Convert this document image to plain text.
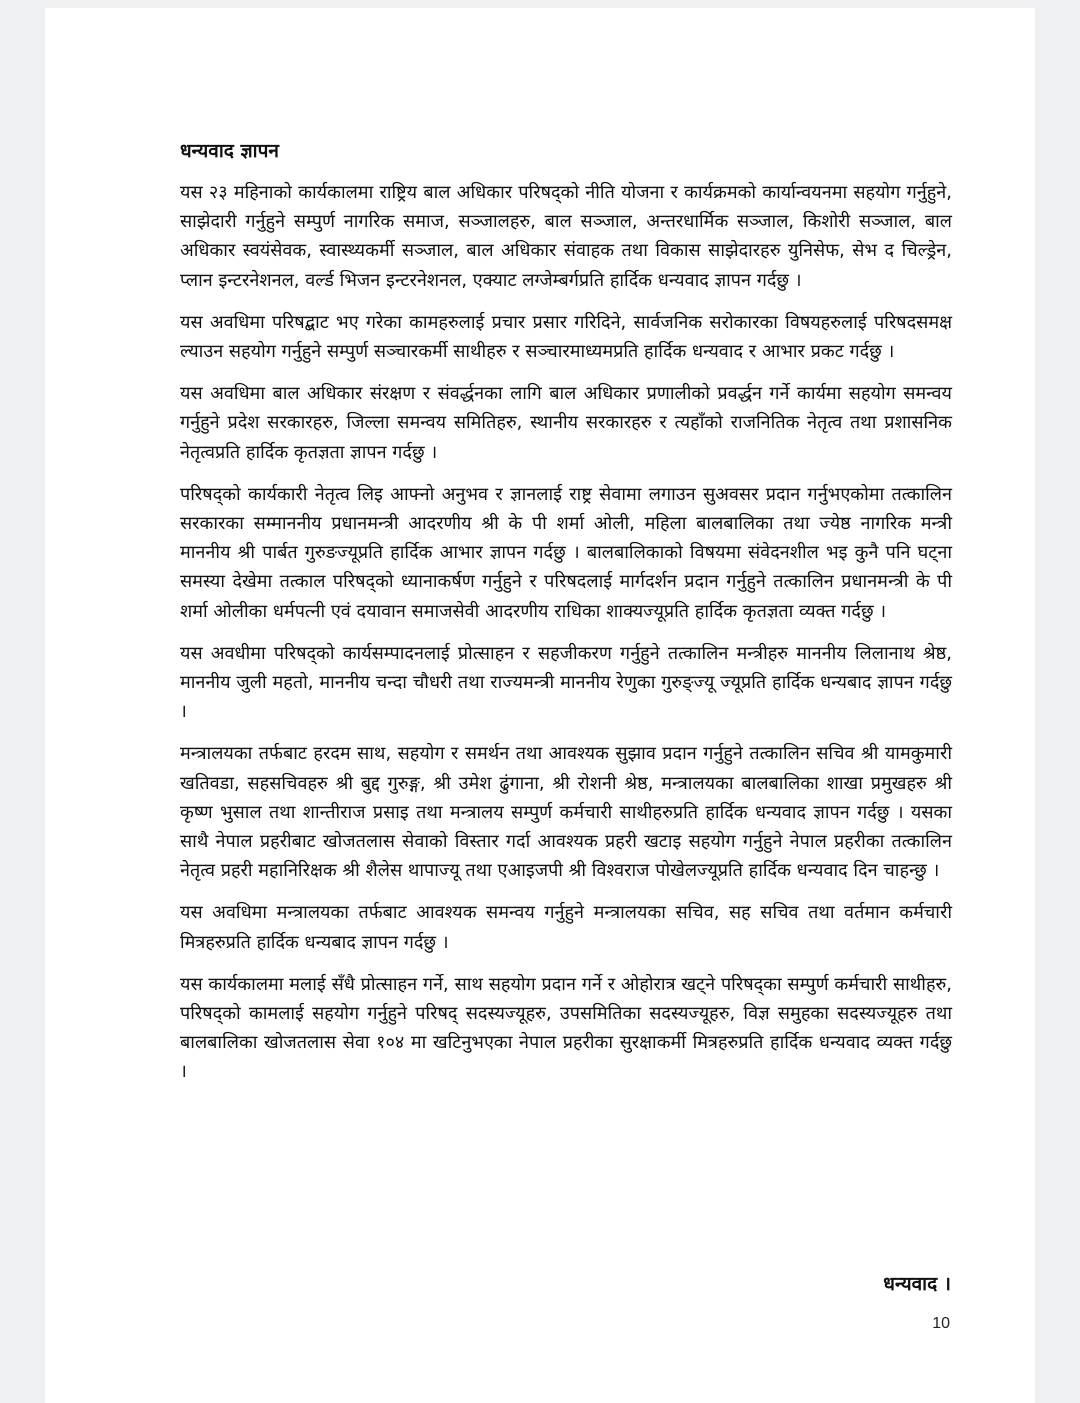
धन्यवाद ज्ञापन

यस २३ महिनाको कार्यकालमा राष्ट्रिय बाल अधिकार परिषद्को नीति योजना र कार्यक्रमको कार्यान्वयनमा सहयोग गर्नुहुने, साझेदारी गर्नुहुने सम्पुर्ण नागरिक समाज, सञ्जालहरु, बाल सञ्जाल, अन्तरधार्मिक सञ्जाल, किशोरी सञ्जाल, बाल अधिकार स्वयंसेवक, स्वास्थ्यकर्मी सञ्जाल, बाल अधिकार संवाहक तथा विकास साझेदारहरु युनिसेफ, सेभ द चिल्ड्रेन, प्लान इन्टरनेशनल, वर्ल्ड भिजन इन्टरनेशनल, एक्याट लग्जेम्बर्गप्रति हार्दिक धन्यवाद ज्ञापन गर्दछु ।

यस अवधिमा परिषद्बाट भए गरेका कामहरुलाई प्रचार प्रसार गरिदिने, सार्वजनिक सरोकारका विषयहरुलाई परिषदसमक्ष ल्याउन सहयोग गर्नुहुने सम्पुर्ण सञ्चारकर्मी साथीहरु र सञ्चारमाध्यमप्रति हार्दिक धन्यवाद र आभार प्रकट गर्दछु ।

यस अवधिमा बाल अधिकार संरक्षण र संवर्द्धनका लागि बाल अधिकार प्रणालीको प्रवर्द्धन गर्ने कार्यमा सहयोग समन्वय गर्नुहुने प्रदेश सरकारहरु, जिल्ला समन्वय समितिहरु, स्थानीय सरकारहरु र त्यहाँको राजनितिक नेतृत्व तथा प्रशासनिक नेतृत्वप्रति हार्दिक कृतज्ञता ज्ञापन गर्दछु ।

परिषद्को कार्यकारी नेतृत्व लिइ आफ्नो अनुभव र ज्ञानलाई राष्ट्र सेवामा लगाउन सुअवसर प्रदान गर्नुभएकोमा तत्कालिन सरकारका सम्माननीय प्रधानमन्त्री आदरणीय श्री के पी शर्मा ओली, महिला बालबालिका तथा ज्येष्ठ नागरिक मन्त्री माननीय श्री पार्बत गुरुङज्यूप्रति हार्दिक आभार ज्ञापन गर्दछु । बालबालिकाको विषयमा संवेदनशील भइ कुनै पनि घट्ना समस्या देखेमा तत्काल परिषद्को ध्यानाकर्षण गर्नुहुने र परिषदलाई मार्गदर्शन प्रदान गर्नुहुने तत्कालिन प्रधानमन्त्री के पी शर्मा ओलीका धर्मपत्नी एवं दयावान समाजसेवी आदरणीय राधिका शाक्यज्यूप्रति हार्दिक कृतज्ञता व्यक्त गर्दछु ।

यस अवधीमा परिषद्को कार्यसम्पादनलाई प्रोत्साहन र सहजीकरण गर्नुहुने तत्कालिन मन्त्रीहरु माननीय लिलानाथ श्रेष्ठ, माननीय जुली महतो, माननीय चन्दा चौधरी तथा राज्यमन्त्री माननीय रेणुका गुरुङ्ज्यू ज्यूप्रति हार्दिक धन्यबाद ज्ञापन गर्दछु ।

मन्त्रालयका तर्फबाट हरदम साथ, सहयोग र समर्थन तथा आवश्यक सुझाव प्रदान गर्नुहुने तत्कालिन सचिव श्री यामकुमारी खतिवडा, सहसचिवहरु श्री बुद्द गुरुङ्ग, श्री उमेश ढुंगाना, श्री रोशनी श्रेष्ठ, मन्त्रालयका बालबालिका शाखा प्रमुखहरु श्री कृष्ण भुसाल तथा शान्तीराज प्रसाइ तथा मन्त्रालय सम्पुर्ण कर्मचारी साथीहरुप्रति हार्दिक धन्यवाद ज्ञापन गर्दछु । यसका साथै नेपाल प्रहरीबाट खोजतलास सेवाको विस्तार गर्दा आवश्यक प्रहरी खटाइ सहयोग गर्नुहुने नेपाल प्रहरीका तत्कालिन नेतृत्व प्रहरी महानिरिक्षक श्री शैलेस थापाज्यू तथा एआइजपी श्री विश्वराज पोखेलज्यूप्रति हार्दिक धन्यवाद दिन चाहन्छु ।

यस अवधिमा मन्त्रालयका तर्फबाट आवश्यक समन्वय गर्नुहुने मन्त्रालयका सचिव, सह सचिव तथा वर्तमान कर्मचारी मित्रहरुप्रति हार्दिक धन्यबाद ज्ञापन गर्दछु ।

यस कार्यकालमा मलाई सँधै प्रोत्साहन गर्ने, साथ सहयोग प्रदान गर्ने र ओहोरात्र खट्ने परिषद्का सम्पुर्ण कर्मचारी साथीहरु, परिषद्को कामलाई सहयोग गर्नुहुने परिषद् सदस्यज्यूहरु, उपसमितिका सदस्यज्यूहरु, विज्ञ समुहका सदस्यज्यूहरु तथा बालबालिका खोजतलास सेवा १०४ मा खटिनुभएका नेपाल प्रहरीका सुरक्षाकर्मी मित्रहरुप्रति हार्दिक धन्यवाद व्यक्त गर्दछु ।

धन्यवाद ।
10
